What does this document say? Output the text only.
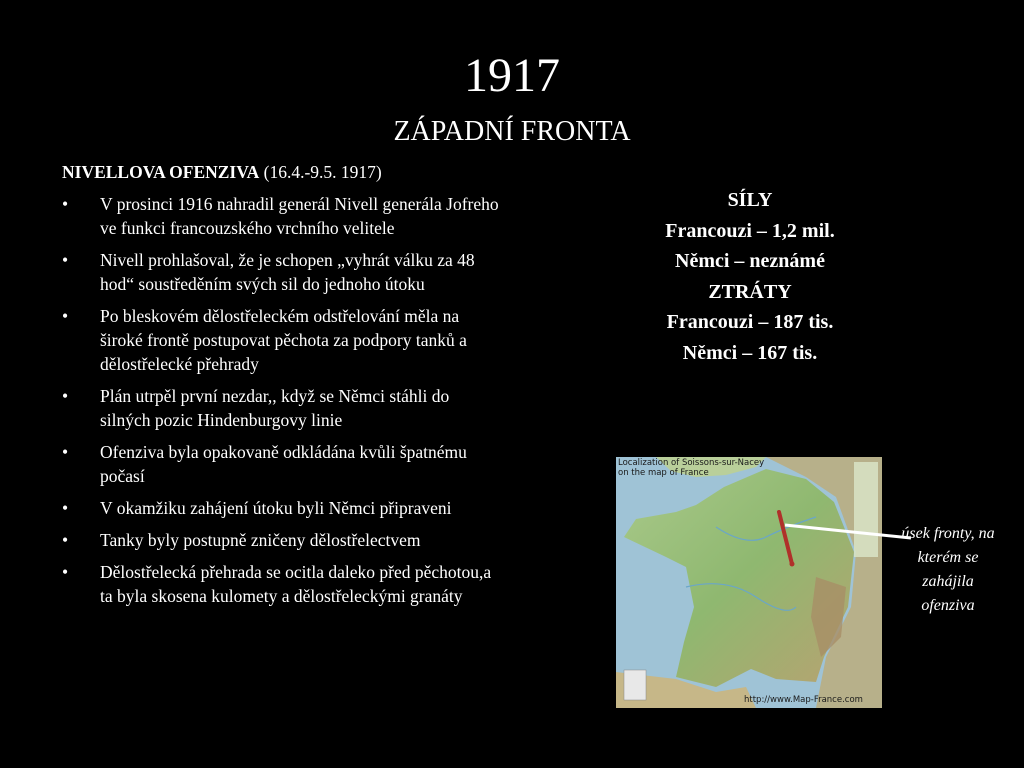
1917
ZÁPADNÍ FRONTA
NIVELLOVA OFENZIVA (16.4.-9.5. 1917)
•	V prosinci 1916 nahradil generál Nivell generála Jofreho ve funkci francouzského vrchního velitele
•	Nivell prohlašoval, že je schopen „vyhrát válku za 48 hod“ soustředěním svých sil do jednoho útoku
•	Po bleskovém dělostřeleckém odstřelování měla na široké frontě postupovat pěchota za podpory tanků a dělostřelecké přehrady
•	Plán utrpěl první nezdar,, když se Němci stáhli do silných pozic Hindenburgovy linie
•	Ofenziva byla opakovaně odkládána kvůli špatnému počasí
•	V okamžiku zahájení útoku byli Němci připraveni
•	Tanky byly postupně zničeny dělostřelectvem
•	Dělostřelecká přehrada se ocitla daleko před pěchotou,a ta byla skosena kulomety a dělostřeleckými granáty
SÍLY
Francouzi – 1,2 mil.
Němci – neznámé
ZTRÁTY
Francouzi – 187 tis.
Němci – 167 tis.
Localization of Soissons-sur-Nacey
on the map of France
http://www.Map-France.com
úsek fronty, na kterém se zahájila ofenziva
